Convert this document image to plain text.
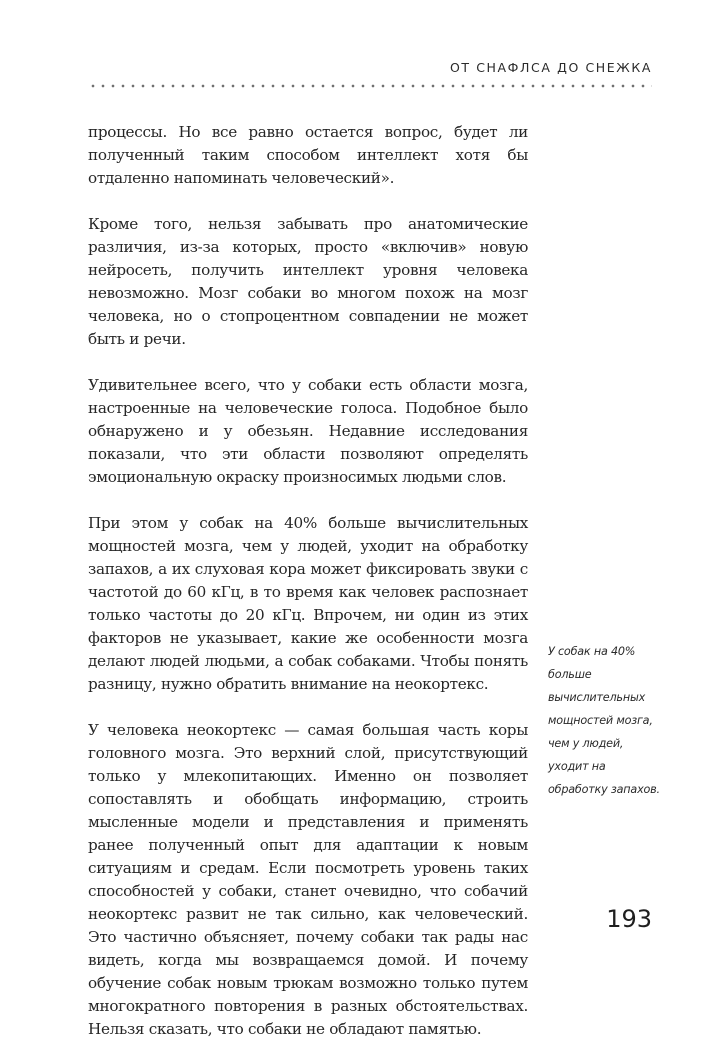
ОТ СНАФЛСА ДО СНЕЖКА

процессы. Но все равно остается вопрос, будет ли полученный таким способом интеллект хотя бы отдаленно напоминать человеческий».

Кроме того, нельзя забывать про анатомические различия, из-за которых, просто «включив» новую нейросеть, получить интеллект уровня человека невозможно. Мозг собаки во многом похож на мозг человека, но о стопроцентном совпадении не может быть и речи.

Удивительнее всего, что у собаки есть области мозга, настроенные на человеческие голоса. Подобное было обнаружено и у обезьян. Недавние исследования показали, что эти области позволяют определять эмоциональную окраску произносимых людьми слов.

При этом у собак на 40% больше вычислительных мощностей мозга, чем у людей, уходит на обработку запахов, а их слуховая кора может фиксировать звуки с частотой до 60 кГц, в то время как человек распознает только частоты до 20 кГц. Впрочем, ни один из этих факторов не указывает, какие же особенности мозга делают людей людьми, а собак собаками. Чтобы понять разницу, нужно обратить внимание на неокортекс.

У человека неокортекс — самая большая часть коры головного мозга. Это верхний слой, присутствующий только у млекопитающих. Именно он позволяет сопоставлять и обобщать информацию, строить мысленные модели и представления и применять ранее полученный опыт для адаптации к новым ситуациям и средам. Если посмотреть уровень таких способностей у собаки, станет очевидно, что собачий неокортекс развит не так сильно, как человеческий. Это частично объясняет, почему собаки так рады нас видеть, когда мы возвращаемся домой. И почему обучение собак новым трюкам возможно только путем многократного повторения в разных обстоятельствах. Нельзя сказать, что собаки не обладают памятью.

У собак на 40% больше вычислительных мощностей мозга, чем у людей, уходит на обработку запахов.
193
